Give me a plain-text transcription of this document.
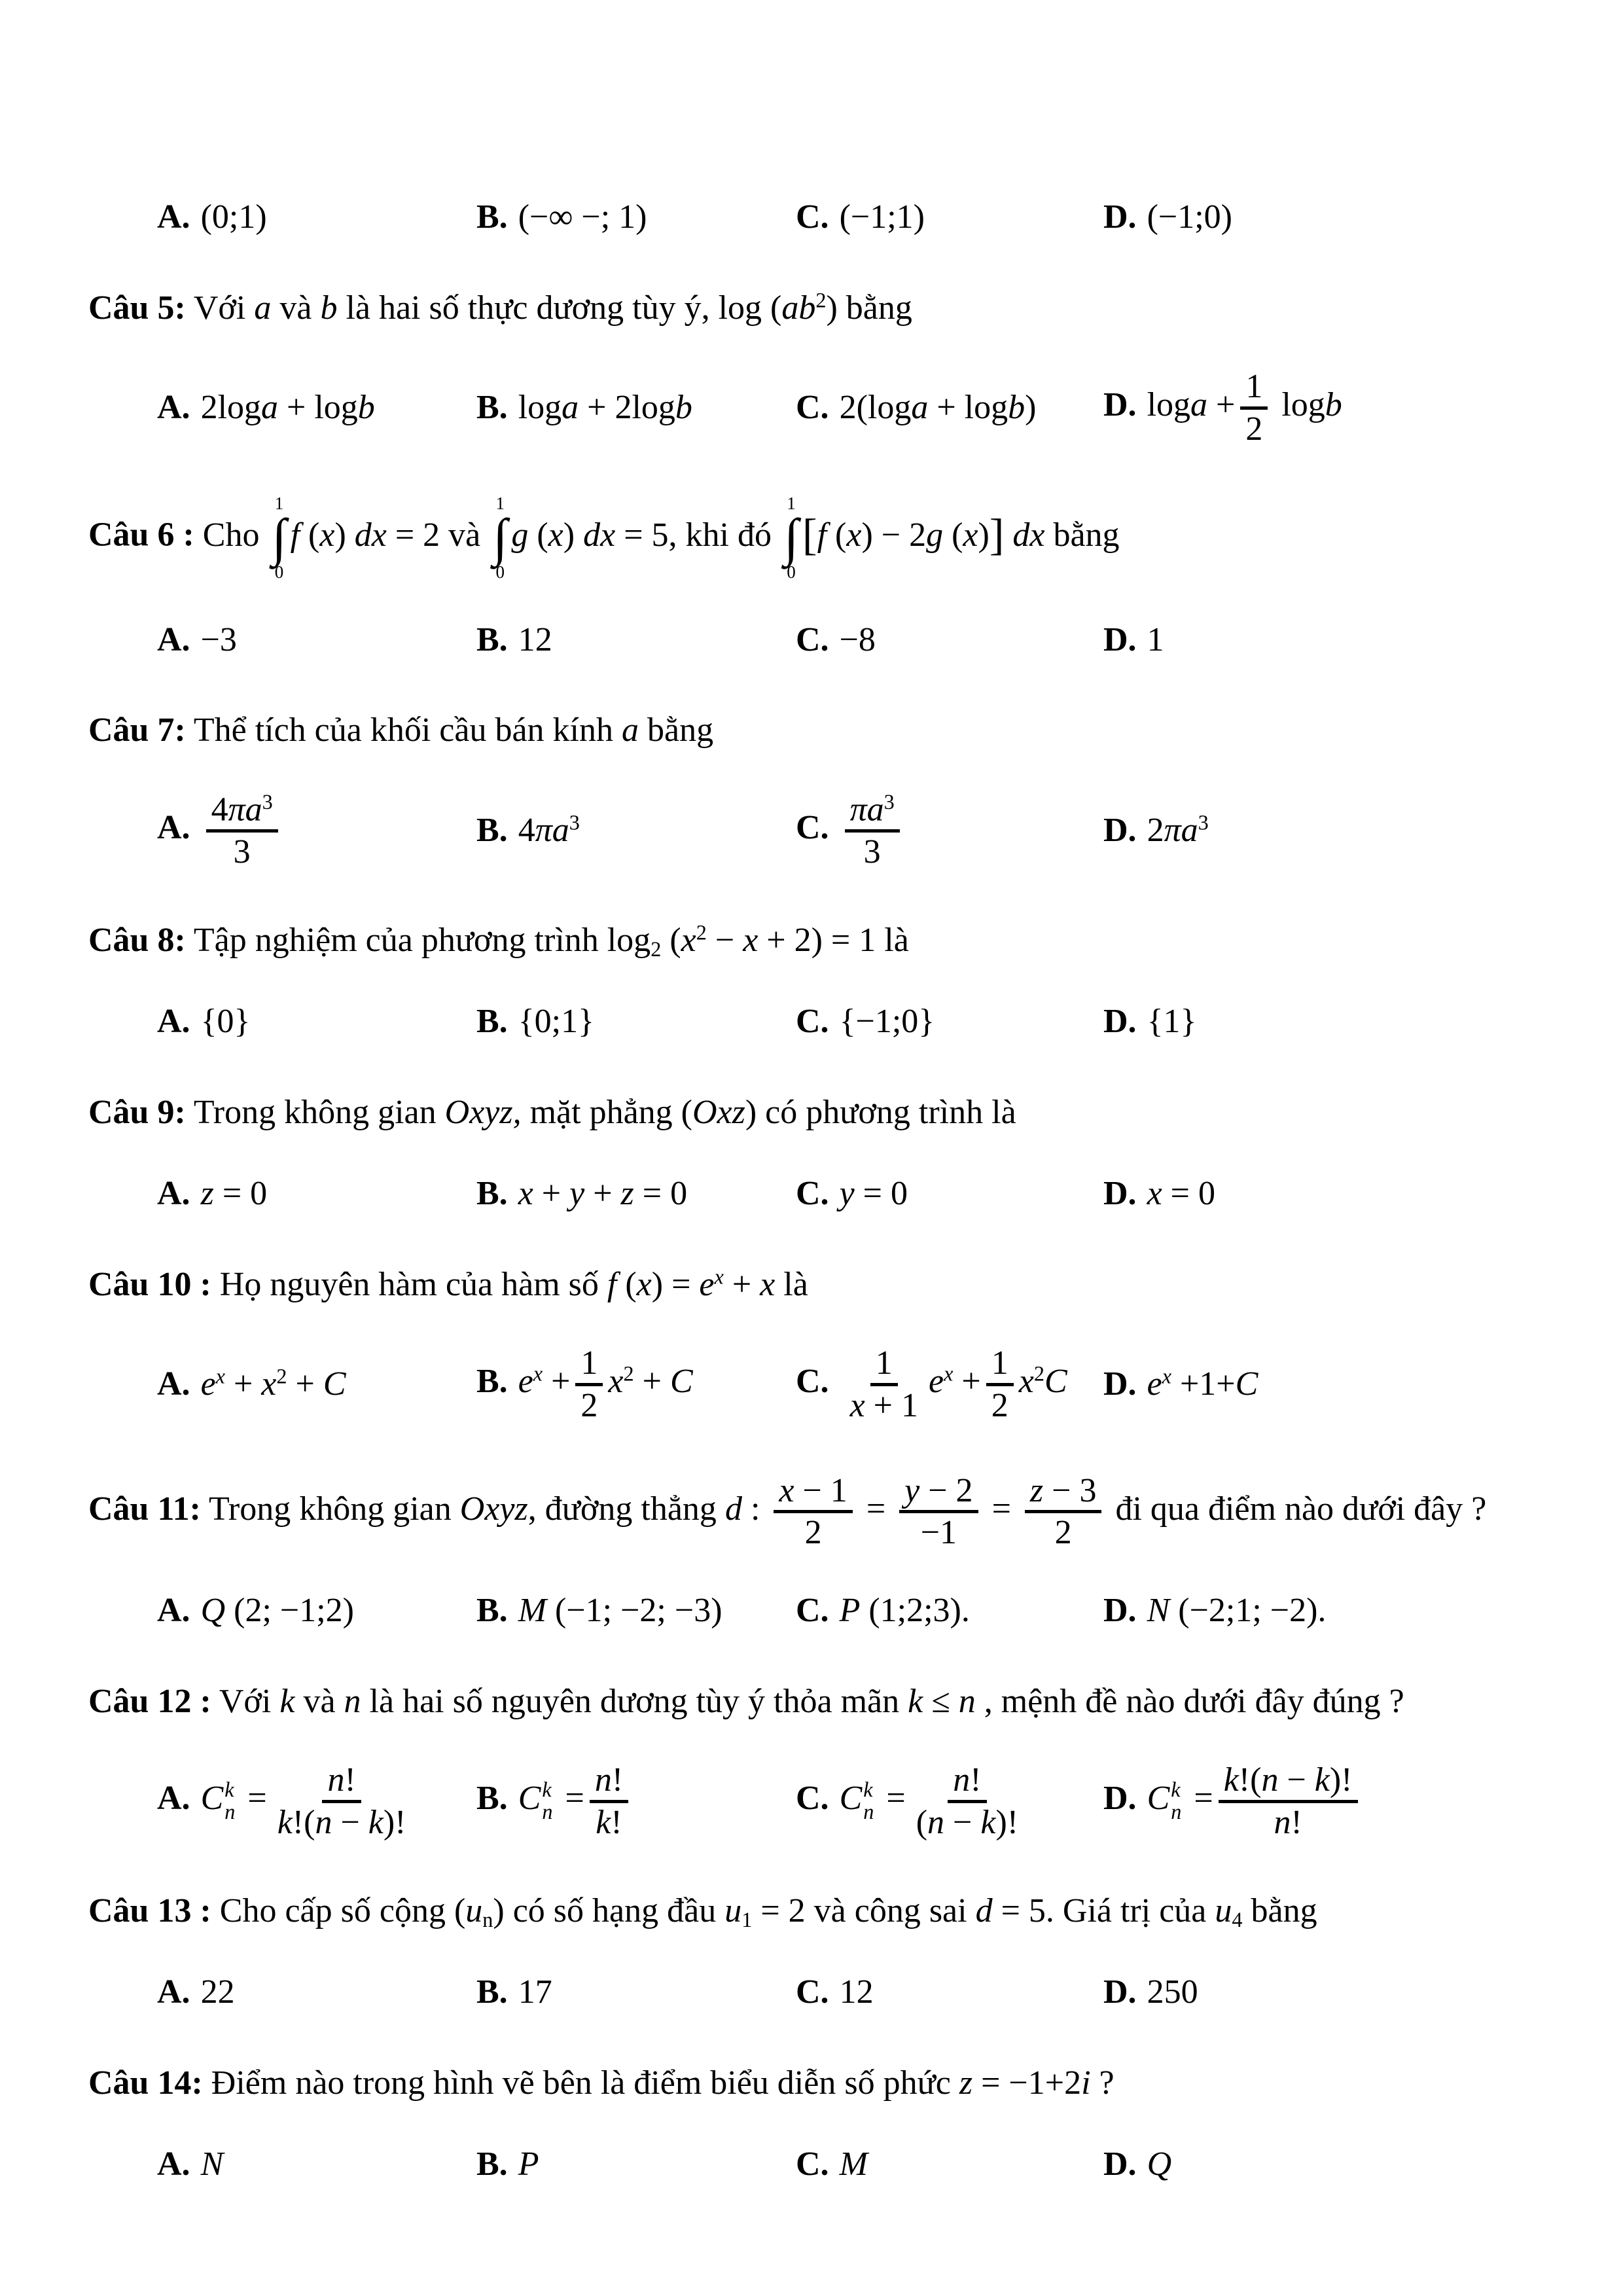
A. (0;1)	B. (−∞ −; 1)	C. (−1;1)	D. (−1;0)
Câu 5: Với a và b là hai số thực dương tùy ý, $\log (ab^2)$ bằng
A. 2loga + logb	B. loga + 2logb	C. 2(loga + logb)	D. $\log a + \frac{1}{2}$ logb
Câu 6 : Cho
1
∫
0
f (x) dx = 2 và
1
∫
0
g (x) dx = 5, khi đó
1
∫
0
[f (x) − 2g (x)] dx bằng
A. −3	B. 12	C. −8	D. 1
Câu 7: Thể tích của khối cầu bán kính a bằng
A. $\frac{4\pi a^3}{3}$	B. $4\pi a^3$	C. $\frac{\pi a^3}{3}$	D. $2\pi a^3$
Câu 8: Tập nghiệm của phương trình $\log_2 (x^2 - x + 2) = 1$ là
A. {0}	B. {0;1}	C. {−1;0}	D. {1}
Câu 9: Trong không gian Oxyz, mặt phẳng (Oxz) có phương trình là
A. z = 0	B. x + y + z = 0	C. y = 0	D. x = 0
Câu 10 : Họ nguyên hàm của hàm số f $(x) = e^x + x$ là
A. $e^x + x^2 + C$	B. $e^x + \frac{1}{2} x^2 + C$	C. $\frac{1}{x + 1} e^x + \frac{1}{2} x^2C$	D. $e^x +1+C$
Câu 11: Trong không gian Oxyz, đường thẳng d : $\frac{x - 1}{2} = \frac{y - 2}{-1} = \frac{z - 3}{2}$ đi qua điểm nào dưới đây ?
A. Q (2; −1;2)	B. M (−1; −2; −3)	C. P (1;2;3).	D. N (−2;1; −2).
Câu 12 : Với k và n là hai số nguyên dương tùy ý thỏa mãn k ≤ n , mệnh đề nào dưới đây đúng ?
A. C k
$n = \frac{n!}{k!(n - k)!} B$. C k
$n = \frac{n!}{k!}$	C. C k
$n = \frac{n!}{(n - k)!} D$. C k
$n = \frac{k!(n - k)!}{n!}$
Câu 13 : Cho cấp số cộng $(u_n)$ có số hạng đầu $u_1 = 2$ và công sai d = 5. Giá trị của $u_4$ bằng
A. 22	B. 17	C. 12	D. 250
Câu 14: Điểm nào trong hình vẽ bên là điểm biểu diễn số phức z = −1+2i ?
A. N	B. P	C. M	D. Q
